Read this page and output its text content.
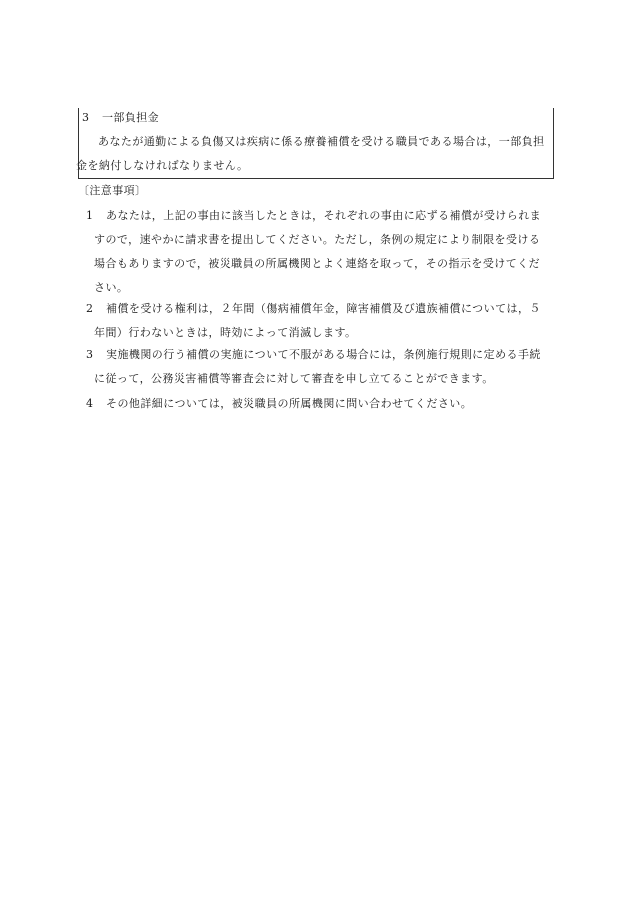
3 一部負担金
あなたが通勤による負傷又は疾病に係る療養補償を受ける職員である場合は，一部負担
金を納付しなければなりません。
〔注意事項〕

1 あなたは，上記の事由に該当したときは，それぞれの事由に応ずる補償が受けられま

すので，速やかに請求書を提出してください。ただし，条例の規定により制限を受ける

場合もありますので，被災職員の所属機関とよく連絡を取って，その指示を受けてくだ

さい。

2 補償を受ける権利は，２年間（傷病補償年金，障害補償及び遺族補償については，５

年間）行わないときは，時効によって消滅します。

3 実施機関の行う補償の実施について不服がある場合には，条例施行規則に定める手続

に従って，公務災害補償等審査会に対して審査を申し立てることができます。

4 その他詳細については，被災職員の所属機関に問い合わせてください。
